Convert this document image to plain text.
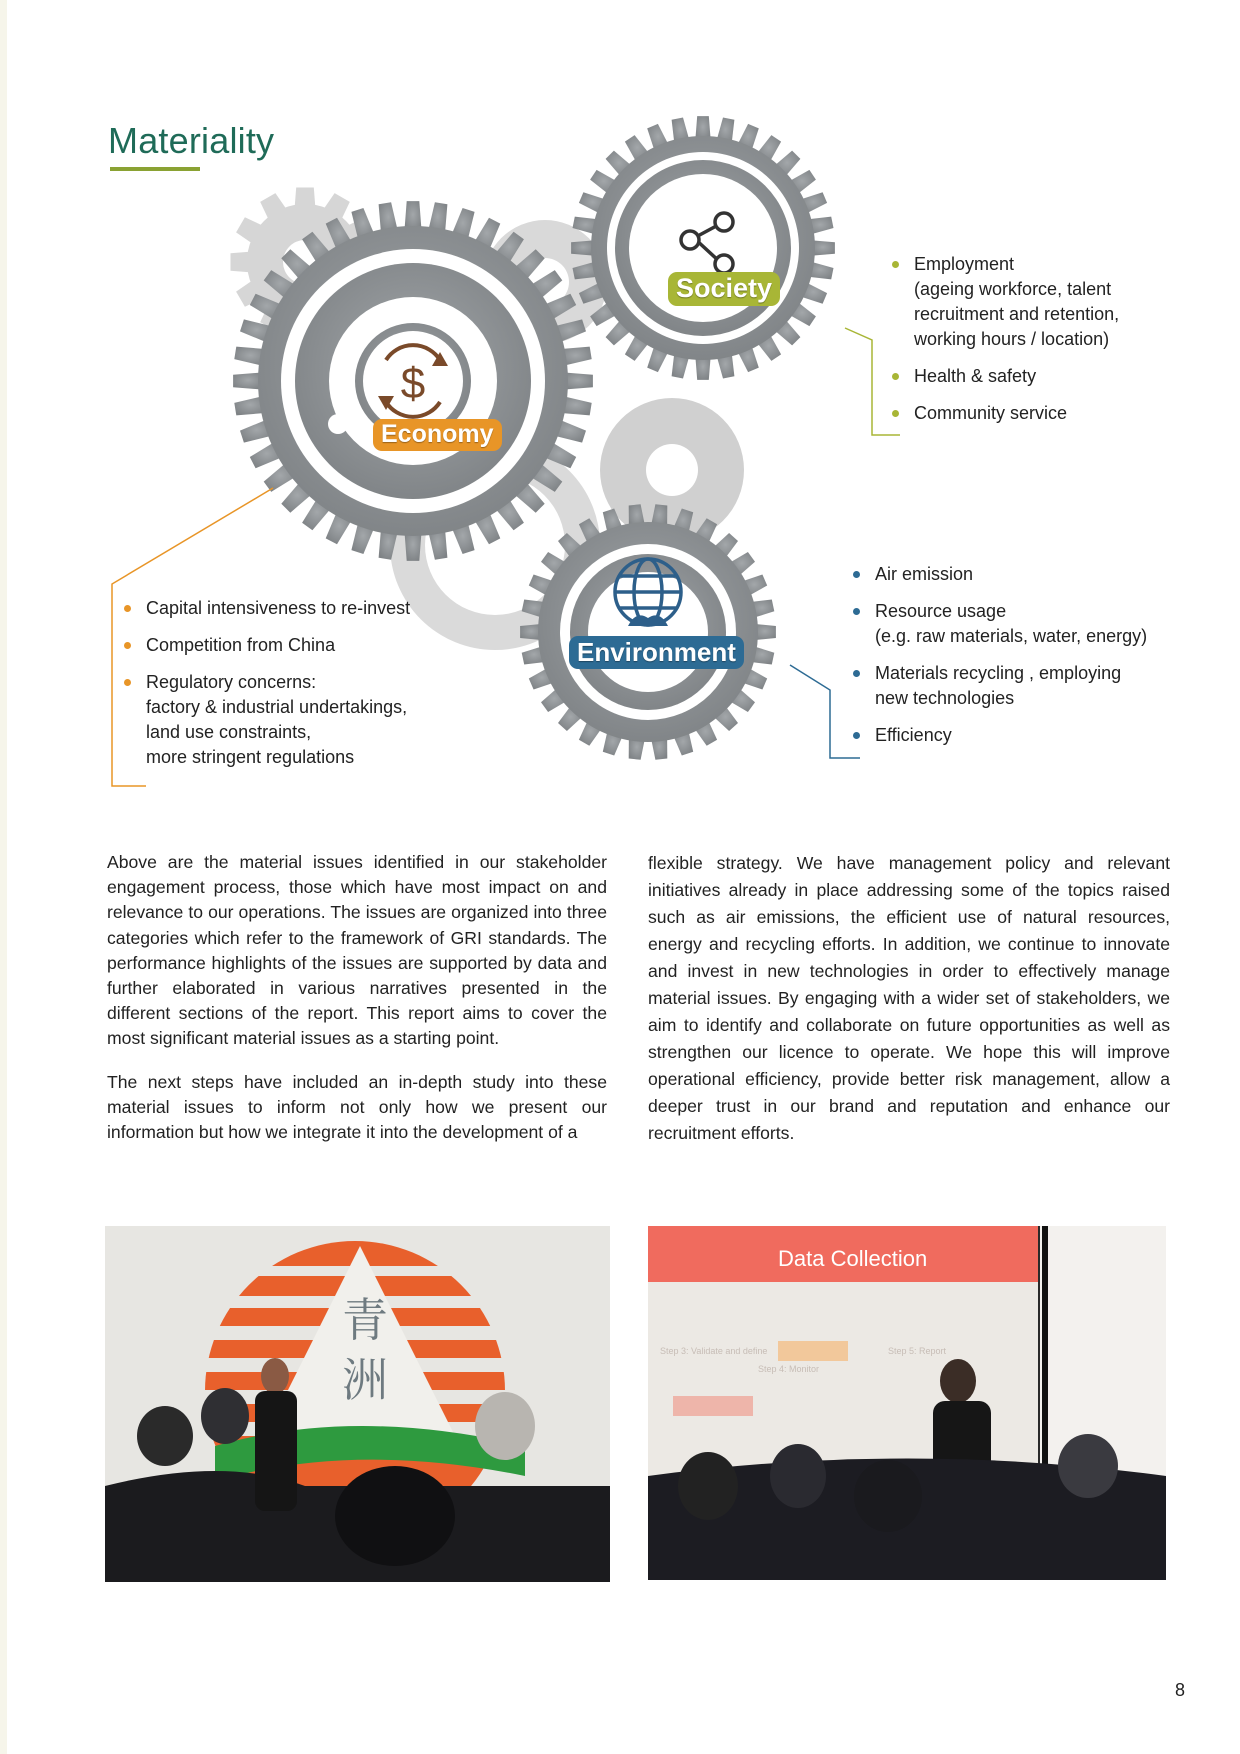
Materiality
$
Economy
Society
Environment
Employment
(ageing workforce, talent
recruitment and retention,
working hours / location)
Health & safety
Community service
Capital intensiveness to re-invest
Competition from China
Regulatory concerns:
factory & industrial undertakings,
land use constraints,
more stringent regulations
Air emission
Resource usage
(e.g. raw materials, water, energy)
Materials recycling , employing
new technologies
Efficiency

Above are the material issues identified in our stakeholder engagement process, those which have most impact on and relevance to our operations. The issues are organized into three categories which refer to the framework of GRI standards. The performance highlights of the issues are supported by data and further elaborated in various narratives presented in the different sections of the report. This report aims to cover the most significant material issues as a starting point.

The next steps have included an in-depth study into these material issues to inform not only how we present our information but how we integrate it into the development of a

flexible strategy. We have management policy and relevant initiatives already in place addressing some of the topics raised such as air emissions, the efficient use of natural resources, energy and recycling efforts. In addition, we continue to innovate and invest in new technologies in order to effectively manage material issues. By engaging with a wider set of stakeholders, we aim to identify and collaborate on future opportunities as well as strengthen our licence to operate. We hope this will improve operational efficiency, provide better risk management, allow a deeper trust in our brand and reputation and enhance our recruitment efforts.

青
洲
Data Collection
Step 3: Validate and define
Step 4: Monitor
Step 5: Report
8
